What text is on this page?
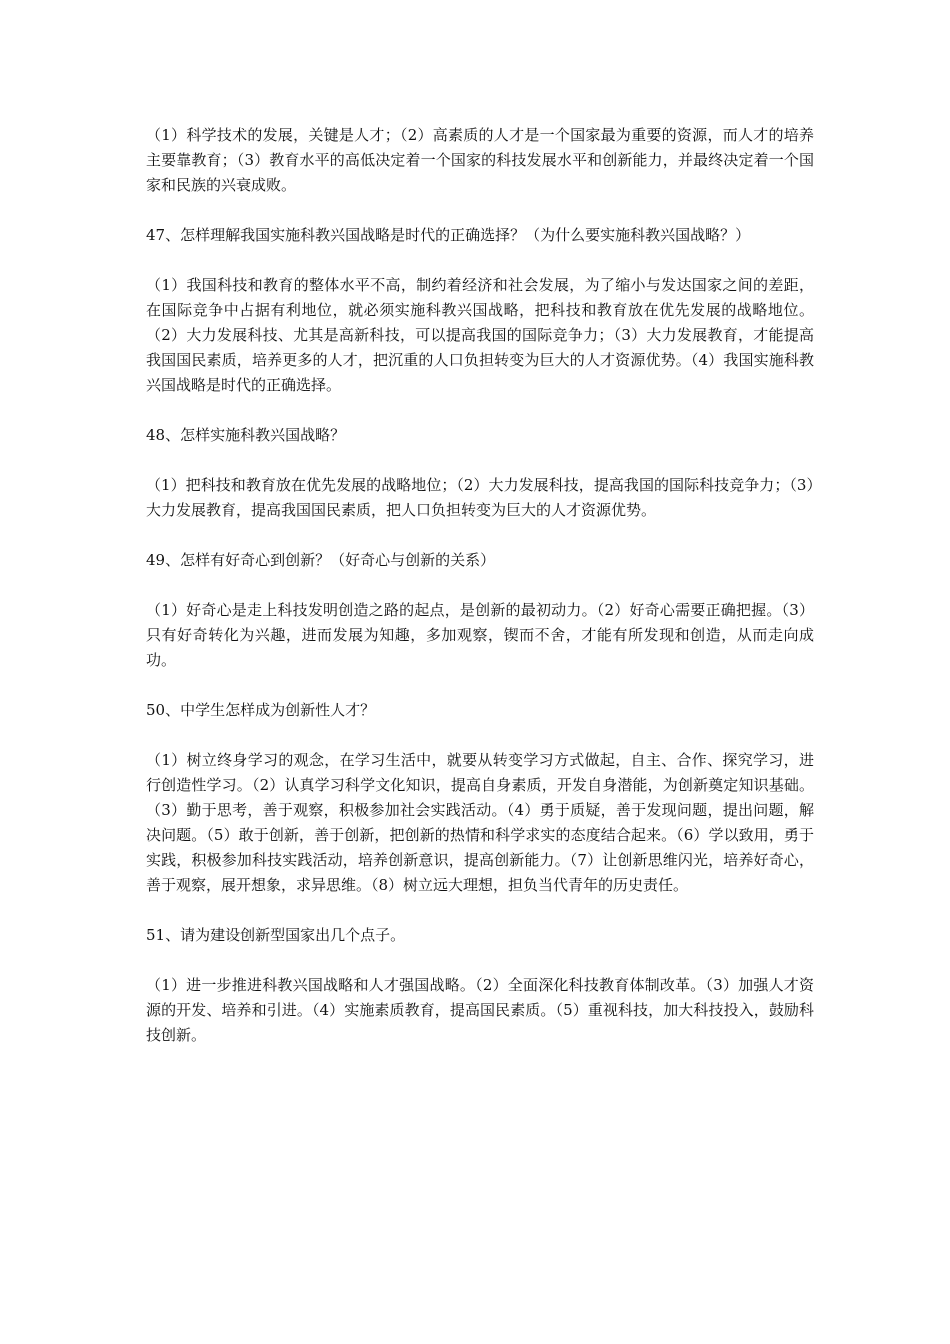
（1）科学技术的发展，关键是人才；（2）高素质的人才是一个国家最为重要的资源，而人才的培养主要靠教育；（3）教育水平的高低决定着一个国家的科技发展水平和创新能力，并最终决定着一个国家和民族的兴衰成败。

47、怎样理解我国实施科教兴国战略是时代的正确选择？（为什么要实施科教兴国战略？）

（1）我国科技和教育的整体水平不高，制约着经济和社会发展，为了缩小与发达国家之间的差距，在国际竞争中占据有利地位，就必须实施科教兴国战略，把科技和教育放在优先发展的战略地位。（2）大力发展科技、尤其是高新科技，可以提高我国的国际竞争力；（3）大力发展教育，才能提高我国国民素质，培养更多的人才，把沉重的人口负担转变为巨大的人才资源优势。（4）我国实施科教兴国战略是时代的正确选择。

48、怎样实施科教兴国战略？

（1）把科技和教育放在优先发展的战略地位；（2）大力发展科技，提高我国的国际科技竞争力；（3）大力发展教育，提高我国国民素质，把人口负担转变为巨大的人才资源优势。

49、怎样有好奇心到创新？（好奇心与创新的关系）

（1）好奇心是走上科技发明创造之路的起点，是创新的最初动力。（2）好奇心需要正确把握。（3）只有好奇转化为兴趣，进而发展为知趣，多加观察，锲而不舍，才能有所发现和创造，从而走向成功。

50、中学生怎样成为创新性人才？

（1）树立终身学习的观念，在学习生活中，就要从转变学习方式做起，自主、合作、探究学习，进行创造性学习。（2）认真学习科学文化知识，提高自身素质，开发自身潜能，为创新奠定知识基础。（3）勤于思考，善于观察，积极参加社会实践活动。（4）勇于质疑，善于发现问题，提出问题，解决问题。（5）敢于创新，善于创新，把创新的热情和科学求实的态度结合起来。（6）学以致用，勇于实践，积极参加科技实践活动，培养创新意识，提高创新能力。（7）让创新思维闪光，培养好奇心，善于观察，展开想象，求异思维。（8）树立远大理想，担负当代青年的历史责任。

51、请为建设创新型国家出几个点子。

（1）进一步推进科教兴国战略和人才强国战略。（2）全面深化科技教育体制改革。（3）加强人才资源的开发、培养和引进。（4）实施素质教育，提高国民素质。（5）重视科技，加大科技投入，鼓励科技创新。
